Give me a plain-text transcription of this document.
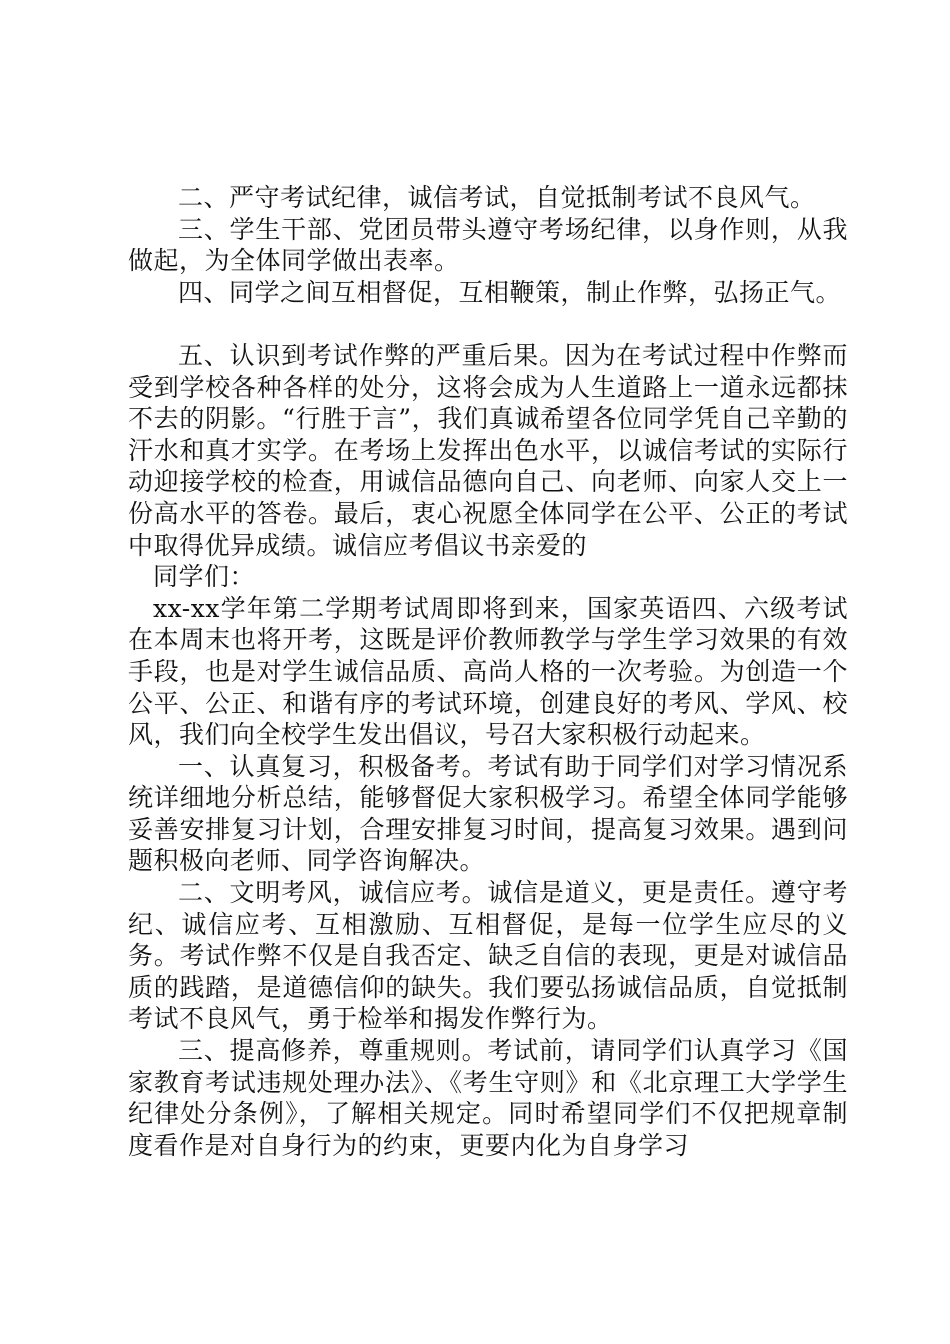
二、严守考试纪律，诚信考试，自觉抵制考试不良风气。

三、学生干部、党团员带头遵守考场纪律，以身作则，从我做起，为全体同学做出表率。

四、同学之间互相督促，互相鞭策，制止作弊，弘扬正气。

五、认识到考试作弊的严重后果。因为在考试过程中作弊而受到学校各种各样的处分，这将会成为人生道路上一道永远都抹不去的阴影。“行胜于言”，我们真诚希望各位同学凭自己辛勤的汗水和真才实学。在考场上发挥出色水平，以诚信考试的实际行动迎接学校的检查，用诚信品德向自己、向老师、向家人交上一份高水平的答卷。最后，衷心祝愿全体同学在公平、公正的考试中取得优异成绩。诚信应考倡议书亲爱的

同学们：

xx-xx学年第二学期考试周即将到来，国家英语四、六级考试在本周末也将开考，这既是评价教师教学与学生学习效果的有效手段，也是对学生诚信品质、高尚人格的一次考验。为创造一个公平、公正、和谐有序的考试环境，创建良好的考风、学风、校风，我们向全校学生发出倡议，号召大家积极行动起来。

一、认真复习，积极备考。考试有助于同学们对学习情况系统详细地分析总结，能够督促大家积极学习。希望全体同学能够妥善安排复习计划，合理安排复习时间，提高复习效果。遇到问题积极向老师、同学咨询解决。

二、文明考风，诚信应考。诚信是道义，更是责任。遵守考纪、诚信应考、互相激励、互相督促，是每一位学生应尽的义务。考试作弊不仅是自我否定、缺乏自信的表现，更是对诚信品质的践踏，是道德信仰的缺失。我们要弘扬诚信品质，自觉抵制考试不良风气，勇于检举和揭发作弊行为。

三、提高修养，尊重规则。考试前，请同学们认真学习《国家教育考试违规处理办法》、《考生守则》和《北京理工大学学生纪律处分条例》，了解相关规定。同时希望同学们不仅把规章制度看作是对自身行为的约束，更要内化为自身学习
